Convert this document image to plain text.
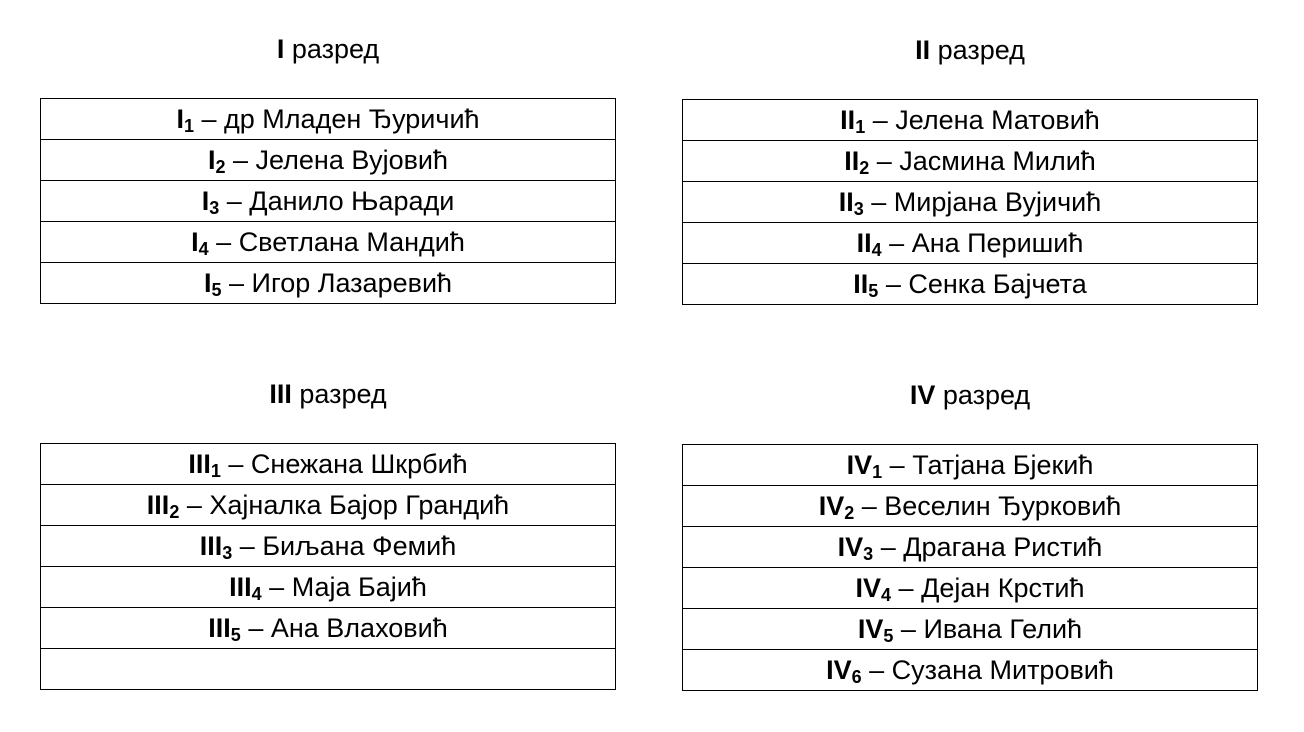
I разред
$I_1$ – др Младен Ђуричић
$I_2$ – Јелена Вујовић
$I_3$ – Данило Њаради
$I_4$ – Светлана Мандић
$I_5$ – Игор Лазаревић
II разред
$II_1$ – Јелена Матовић
$II_2$ – Јасмина Милић
$II_3$ – Мирјана Вујичић
$II_4$ – Ана Перишић
$II_5$ – Сенка Бајчета
III разред
$III_1$ – Снежана Шкрбић
$III_2$ – Хајналка Бајор Грандић
$III_3$ – Биљана Фемић
$III_4$ – Маја Бајић
$III_5$ – Ана Влаховић

IV разред
$IV_1$ – Татјана Бјекић
$IV_2$ – Веселин Ђурковић
$IV_3$ – Драгана Ристић
$IV_4$ – Дејан Крстић
$IV_5$ – Ивана Гелић
$IV_6$ – Сузана Митровић
